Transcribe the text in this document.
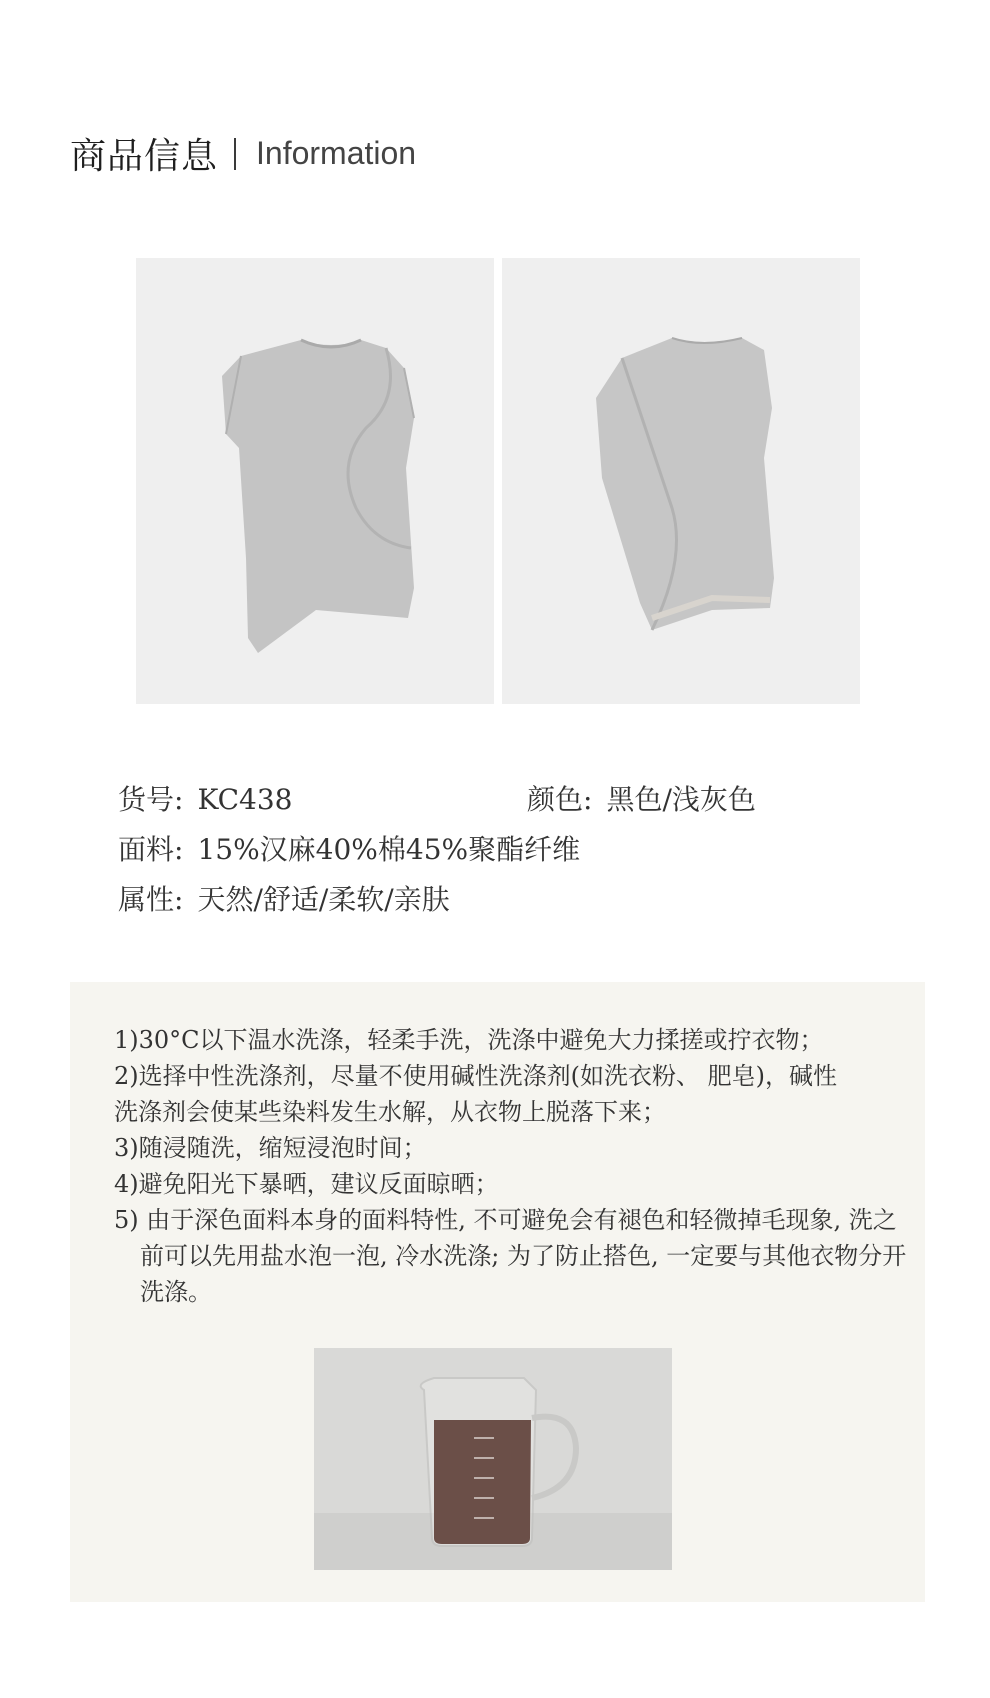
商品信息 Information
货号: KC438	颜色: 黑色/浅灰色
面料: 15%汉麻40%棉45%聚酯纤维
属性: 天然/舒适/柔软/亲肤
1)30°C以下温水洗涤，轻柔手洗，洗涤中避免大力揉搓或拧衣物；
2)选择中性洗涤剂，尽量不使用碱性洗涤剂(如洗衣粉、 肥皂)，碱性
洗涤剂会使某些染料发生水解，从衣物上脱落下来；
3)随浸随洗，缩短浸泡时间；
4)避免阳光下暴晒，建议反面晾晒；
5) 由于深色面料本身的面料特性, 不可避免会有褪色和轻微掉毛现象, 洗之
前可以先用盐水泡一泡, 冷水洗涤; 为了防止搭色, 一定要与其他衣物分开
洗涤。
